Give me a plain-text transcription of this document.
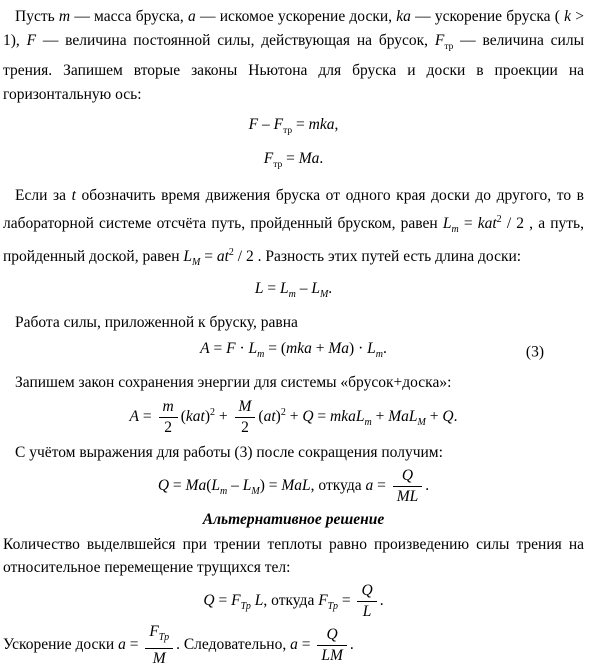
Пусть m — масса бруска, a — искомое ускорение доски, ka — ускорение бруска ( k > 1), F — величина постоянной силы, действующая на брусок, $F_{тр}$ — величина силы трения. Запишем вторые законы Ньютона для бруска и доски в проекции на горизонтальную ось:

F – $F_{тр}$ = mka,
$F_{тр} = Ma$.

Если за t обозначить время движения бруска от одного края доски до другого, то в лабораторной системе отсчёта путь, пройденный бруском, равен $L_m = kat^2 / 2$ , а путь, пройденный доской, равен $L_M = at^2 / 2$ . Разность этих путей есть длина доски:

$L = L_m - L_M$.

Работа силы, приложенной к бруску, равна

$A = F \cdot L_m = (mka + Ma) \cdot L_m$.	(3)

Запишем закон сохранения энергии для системы «брусок+доска»:

$A = \frac{m}{2} (kat)^2 + \frac{M}{2} (at)^2 + Q$ = mkaL$_m$ + MaL$_M$ + Q.

С учётом выражения для работы (3) после сокращения получим:

$Q = Ma(L_m - L_M)$ = MaL, откуда $a = \frac{Q}{ML}$ .
Альтернативное решение

Количество выделвшейся при трении теплоты равно произведению силы трения на относительное перемещение трущихся тел:

$Q = F_{Тр}$ L, откуда $F_{Тр} = \frac{Q}{L}$ .

Ускорение доски $a = \frac{F_{Тр}}{M}$ . Следовательно, $a = \frac{Q}{LM}$ .
